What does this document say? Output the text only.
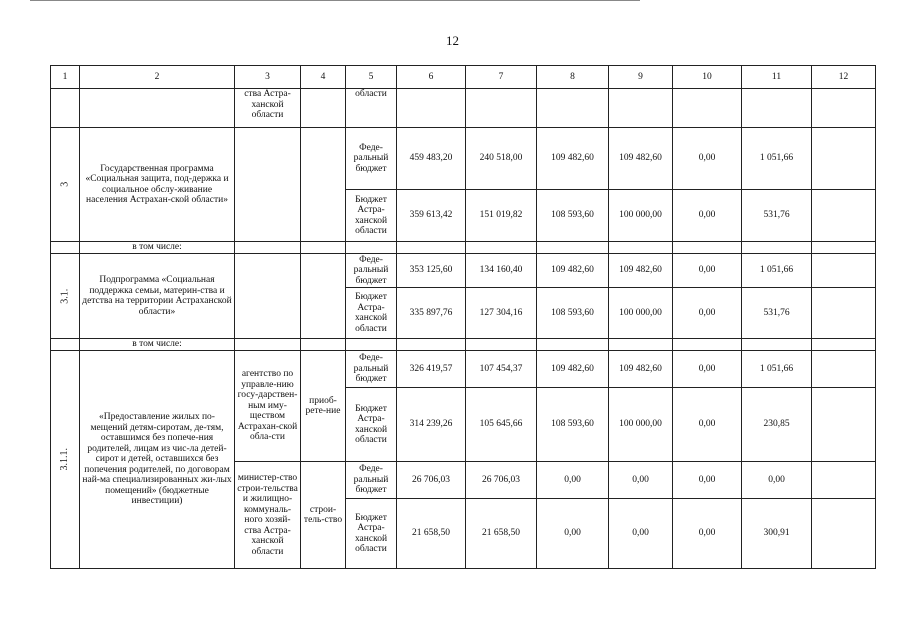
12
1	2	3	4	5	6	7	8	9	10	11	12
		ства Астра-ханской области		области							
3	Государственная программа «Социальная защита, под-держка и социальное обслу-живание населения Астрахан-ской области»			Феде-ральный бюджет	459 483,20	240 518,00	109 482,60	109 482,60	0,00	1 051,66	
				Бюджет Астра-ханской области	359 613,42	151 019,82	108 593,60	100 000,00	0,00	531,76	
	в том числе:										
3.1.	Подпрограмма «Социальная поддержка семьи, материн-ства и детства на территории Астраханской области»			Феде-ральный бюджет	353 125,60	134 160,40	109 482,60	109 482,60	0,00	1 051,66	
				Бюджет Астра-ханской области	335 897,76	127 304,16	108 593,60	100 000,00	0,00	531,76	
	в том числе:										
3.1.1.	«Предоставление жилых по-мещений детям-сиротам, де-тям, оставшимся без попече-ния родителей, лицам из чис-ла детей-сирот и детей, оставшихся без попечения родителей, по договорам най-ма специализированных жи-лых помещений» (бюджетные инвестиции)	агентство по управле-нию госу-дарствен-ным иму-ществом Астрахан-ской обла-сти	приоб-рете-ние	Феде-ральный бюджет	326 419,57	107 454,37	109 482,60	109 482,60	0,00	1 051,66	
				Бюджет Астра-ханской области	314 239,26	105 645,66	108 593,60	100 000,00	0,00	230,85	
		министер-ство строи-тельства и жилищно-коммуналь-ного хозяй-ства Астра-ханской области	строи-тель-ство	Феде-ральный бюджет	26 706,03	26 706,03	0,00	0,00	0,00	0,00	
				Бюджет Астра-ханской области	21 658,50	21 658,50	0,00	0,00	0,00	300,91	
